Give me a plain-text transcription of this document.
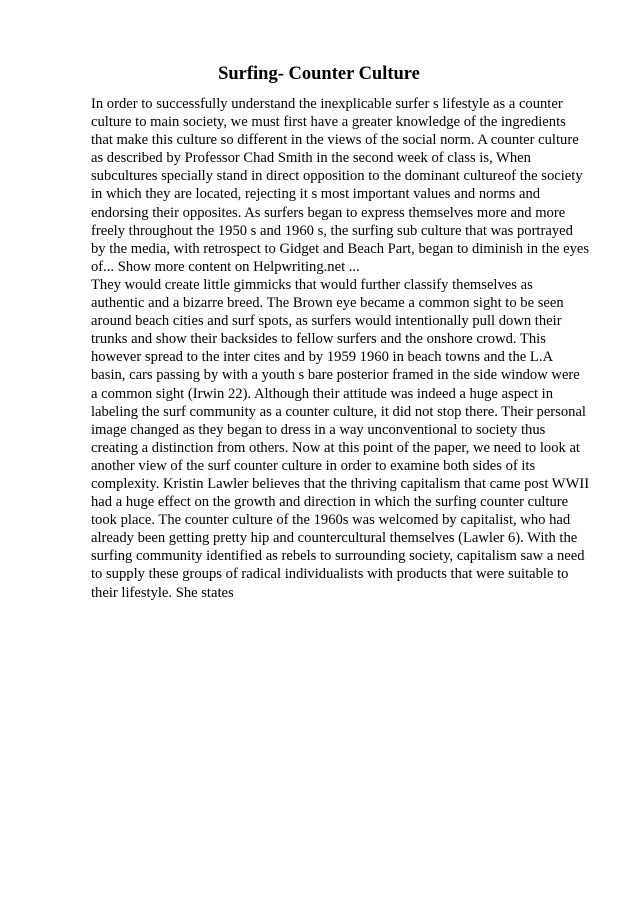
Surfing- Counter Culture
In order to successfully understand the inexplicable surfer s lifestyle as a counter
culture to main society, we must first have a greater knowledge of the ingredients
that make this culture so different in the views of the social norm. A counter culture
as described by Professor Chad Smith in the second week of class is, When
subcultures specially stand in direct opposition to the dominant cultureof the society
in which they are located, rejecting it s most important values and norms and
endorsing their opposites. As surfers began to express themselves more and more
freely throughout the 1950 s and 1960 s, the surfing sub culture that was portrayed
by the media, with retrospect to Gidget and Beach Part, began to diminish in the eyes
of... Show more content on Helpwriting.net ...
They would create little gimmicks that would further classify themselves as
authentic and a bizarre breed. The Brown eye became a common sight to be seen
around beach cities and surf spots, as surfers would intentionally pull down their
trunks and show their backsides to fellow surfers and the onshore crowd. This
however spread to the inter cites and by 1959 1960 in beach towns and the L.A
basin, cars passing by with a youth s bare posterior framed in the side window were
a common sight (Irwin 22). Although their attitude was indeed a huge aspect in
labeling the surf community as a counter culture, it did not stop there. Their personal
image changed as they began to dress in a way unconventional to society thus
creating a distinction from others. Now at this point of the paper, we need to look at
another view of the surf counter culture in order to examine both sides of its
complexity. Kristin Lawler believes that the thriving capitalism that came post WWII
had a huge effect on the growth and direction in which the surfing counter culture
took place. The counter culture of the 1960s was welcomed by capitalist, who had
already been getting pretty hip and countercultural themselves (Lawler 6). With the
surfing community identified as rebels to surrounding society, capitalism saw a need
to supply these groups of radical individualists with products that were suitable to
their lifestyle. She states
